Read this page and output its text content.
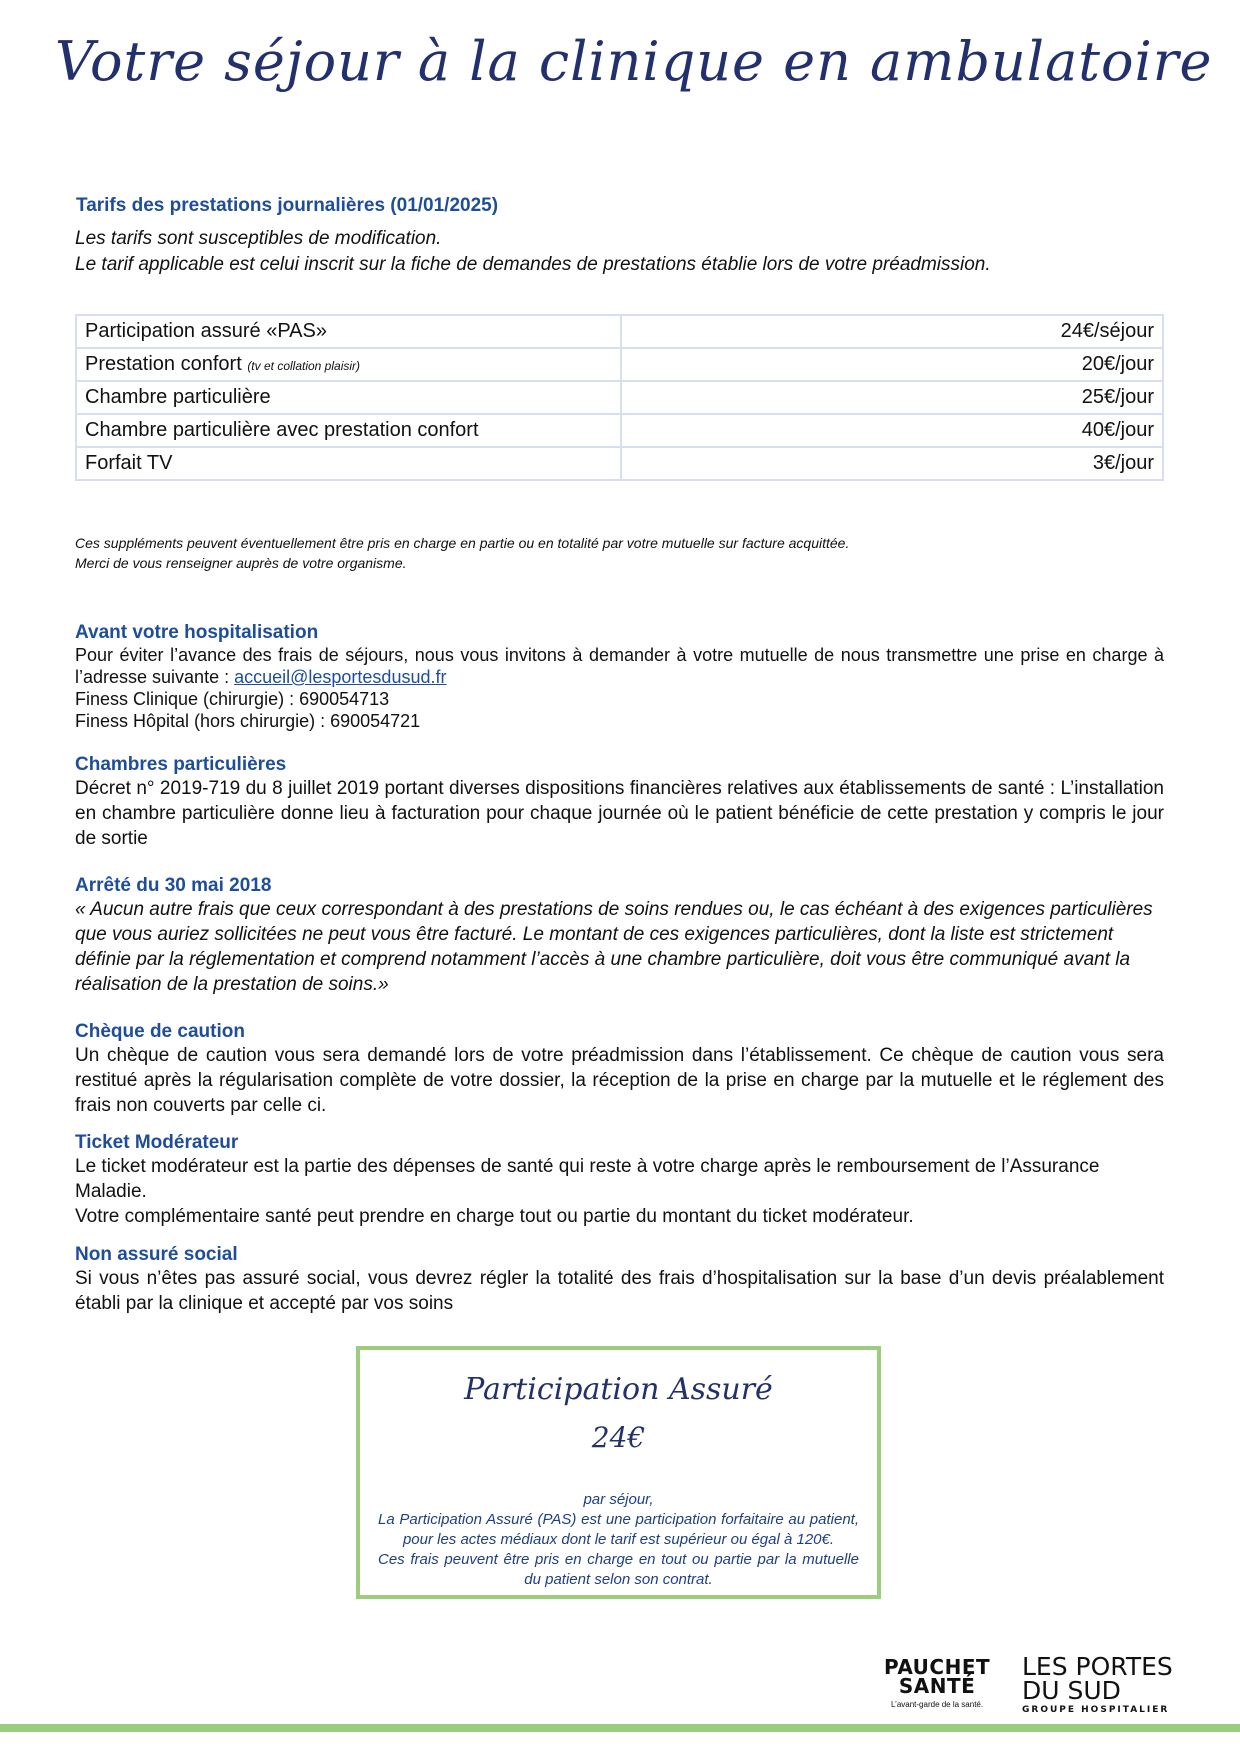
Votre séjour à la clinique en ambulatoire
Tarifs des prestations journalières (01/01/2025)
Les tarifs sont susceptibles de modification.
Le tarif applicable est celui inscrit sur la fiche de demandes de prestations établie lors de votre préadmission.
Participation assuré «PAS»	24€/séjour
Prestation confort (tv et collation plaisir)	20€/jour
Chambre particulière	25€/jour
Chambre particulière avec prestation confort	40€/jour
Forfait TV	3€/jour
Ces suppléments peuvent éventuellement être pris en charge en partie ou en totalité par votre mutuelle sur facture acquittée.
Merci de vous renseigner auprès de votre organisme.
Avant votre hospitalisation
Pour éviter l’avance des frais de séjours, nous vous invitons à demander à votre mutuelle de nous transmettre une prise en charge à l’adresse suivante : accueil@lesportesdusud.fr
Finess Clinique (chirurgie) : 690054713
Finess Hôpital (hors chirurgie) : 690054721
Chambres particulières
Décret n° 2019-719 du 8 juillet 2019 portant diverses dispositions financières relatives aux établissements de santé : L’installation en chambre particulière donne lieu à facturation pour chaque journée où le patient bénéficie de cette prestation y compris le jour de sortie
Arrêté du 30 mai 2018
« Aucun autre frais que ceux correspondant à des prestations de soins rendues ou, le cas échéant à des exigences particulières que vous auriez sollicitées ne peut vous être facturé. Le montant de ces exigences particulières, dont la liste est strictement définie par la réglementation et comprend notamment l’accès à une chambre particulière, doit vous être communiqué avant la réalisation de la prestation de soins.»
Chèque de caution
Un chèque de caution vous sera demandé lors de votre préadmission dans l’établissement. Ce chèque de caution vous sera restitué après la régularisation complète de votre dossier, la réception de la prise en charge par la mutuelle et le réglement des frais non couverts par celle ci.
Ticket Modérateur
Le ticket modérateur est la partie des dépenses de santé qui reste à votre charge après le remboursement de l’Assurance Maladie.
Votre complémentaire santé peut prendre en charge tout ou partie du montant du ticket modérateur.
Non assuré social
Si vous n’êtes pas assuré social, vous devrez régler la totalité des frais d’hospitalisation sur la base d’un devis préalablement établi par la clinique et accepté par vos soins
Participation Assuré
24€
par séjour,
La Participation Assuré (PAS) est une participation forfaitaire au patient, pour les actes médiaux dont le tarif est supérieur ou égal à 120€.
Ces frais peuvent être pris en charge en tout ou partie par la mutuelle du patient selon son contrat.
PAUCHET
SANTÉ
L’avant-garde de la santé.
LES PORTES
DU SUD
GROUPE HOSPITALIER
